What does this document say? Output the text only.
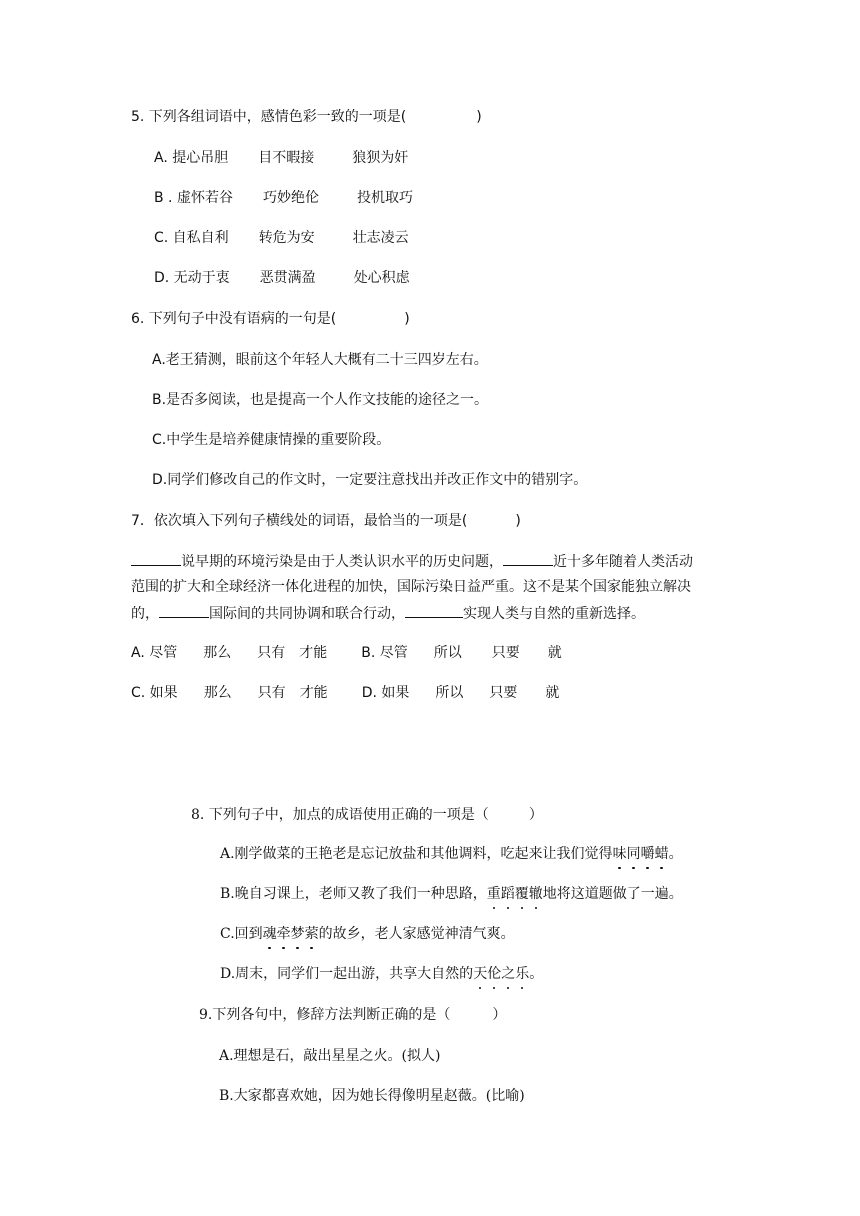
5. 下列各组词语中，感情色彩一致的一项是(	)
A. 提心吊胆 目不暇接	狼狈为奸
B . 虚怀若谷 巧妙绝伦	投机取巧
C. 自私自利 转危为安	壮志凌云
D. 无动于衷 恶贯满盈	处心积虑
6. 下列句子中没有语病的一句是(	)
A.老王猜测，眼前这个年轻人大概有二十三四岁左右。
B.是否多阅读，也是提高一个人作文技能的途径之一。
C.中学生是培养健康情操的重要阶段。
D.同学们修改自己的作文时，一定要注意找出并改正作文中的错别字。
7．依次填入下列句子横线处的词语，最恰当的一项是(	)
说早期的环境污染是由于人类认识水平的历史问题，	近十多年随着人类活动
范围的扩大和全球经济一体化进程的加快，国际污染日益严重。这不是某个国家能独立解决
的，	国际间的共同协调和联合行动，	实现人类与自然的重新选择。
A. 尽管 那么 只有 才能 B. 尽管 所以 只要 就
C. 如果 那么 只有 才能 D. 如果 所以 只要 就
8. 下列句子中，加点的成语使用正确的一项是（	）
A.刚学做菜的王艳老是忘记放盐和其他调料，吃起来让我们觉得味同嚼蜡。
B.晚自习课上，老师又教了我们一种思路，重蹈覆辙地将这道题做了一遍。
C.回到魂牵梦萦的故乡，老人家感觉神清气爽。
D.周末，同学们一起出游，共享大自然的天伦之乐。
9.下列各句中，修辞方法判断正确的是（	）
A.理想是石，敲出星星之火。(拟人)
B.大家都喜欢她，因为她长得像明星赵薇。(比喻)
